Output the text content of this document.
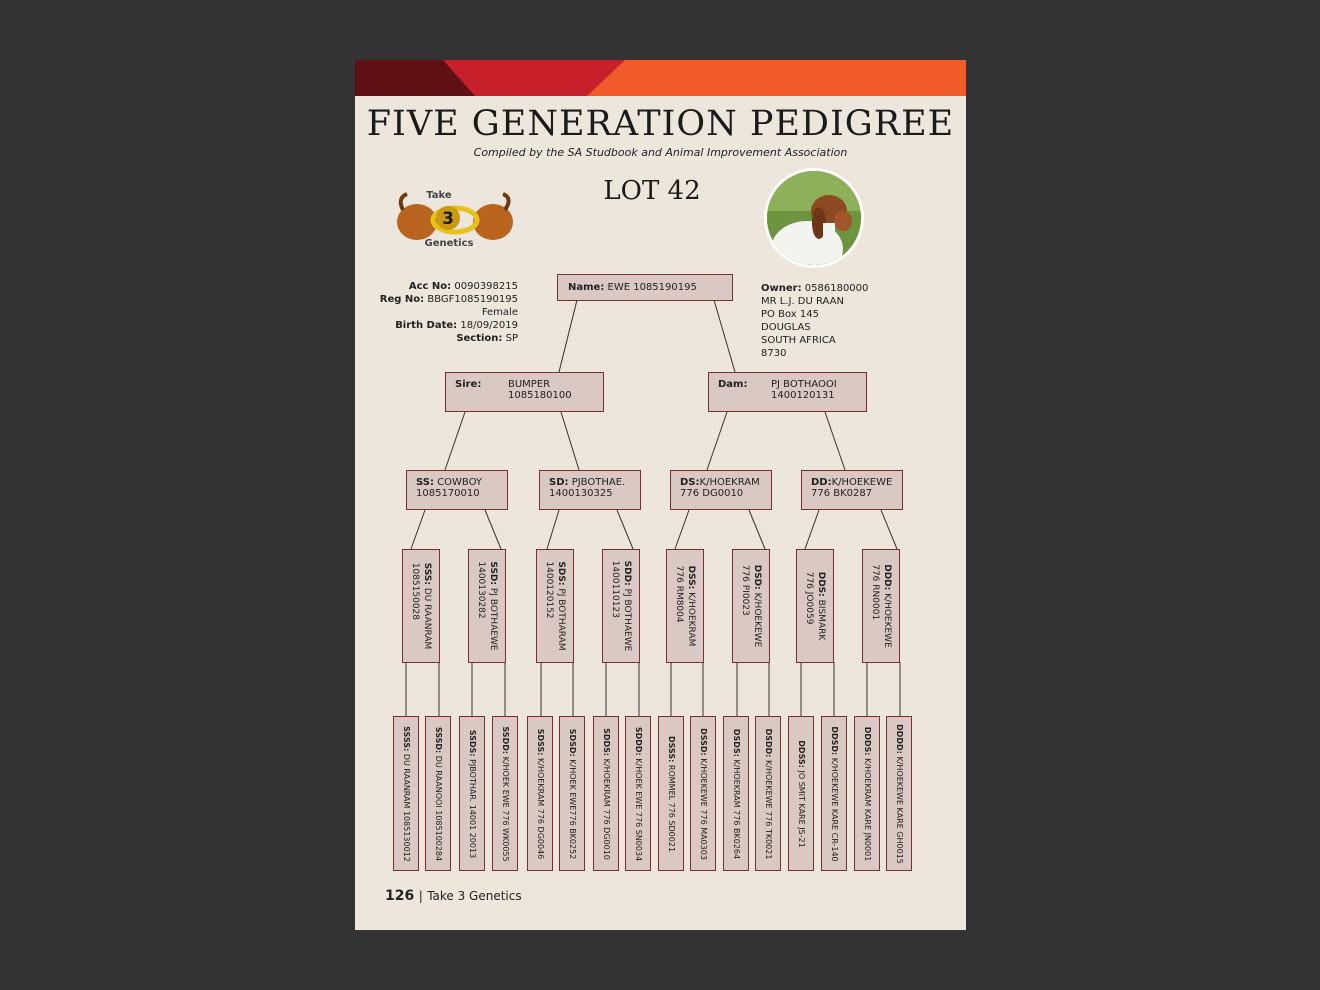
FIVE GENERATION PEDIGREE
Compiled by the SA Studbook and Animal Improvement Association
LOT 42
3
Take
Genetics
Acc No: 0090398215
Reg No: BBGF1085190195
Female
Birth Date: 18/09/2019
Section: SP
Owner: 0586180000
MR L.J. DU RAAN
PO Box 145
DOUGLAS
SOUTH AFRICA
8730
Name: EWE 1085190195
Sire:	BUMPER
1085180100
Dam: PJ BOTHAOOI
1400120131
SS: COWBOY
1085170010
SD: PJBOTHAE.
1400130325
DS:K/HOEKRAM
776 DG0010
DD:K/HOEKEWE
776 BK0287
SSS: DU RAANRAM
1085150028	SSD: PJ BOTHAEWE
1400130282	SDS: PJ BOTHARAM
1400120152	SDD: PJ BOTHAEWE
1400110123	DSS: K/HOEKRAM
776 RM8004	DSD: K/HOEKEWE
776 PI0023	DDS: BISMARK
776 JO0059	DDD: K/HOEKEWE
776 RN0001
SSSS: DU RAANRAM 1085130012
SSSD: DU RAANOOI 1085100284
SSDS: PJBOTHAR. 14001 20013
SSDD: K/HOEK EWE 776 WK0055
SDSS: K/HOEKRAM 776 DG0046
SDSD: K/HOEK EWE776 BK0252
SDDS: K/HOEKRAM 776 DG0010
SDDD: K/HOEK EWE 776 SN0034
DSSS: ROMMEL 776 SD0021
DSSD: K/HOEKEWE 776 MA0303
DSDS: K/HOEKRAM 776 BK0264
DSDD: K/HOEKEWE 776 TK0021
DDSS: JO SMIT KARE JS-21
DDSD: K/HOEKEWE KARE CR-140
DDDS: K/HOEKRAM KARE JN0001
DDDD: K/HOEKEWE KARE GH0015
126 | Take 3 Genetics
